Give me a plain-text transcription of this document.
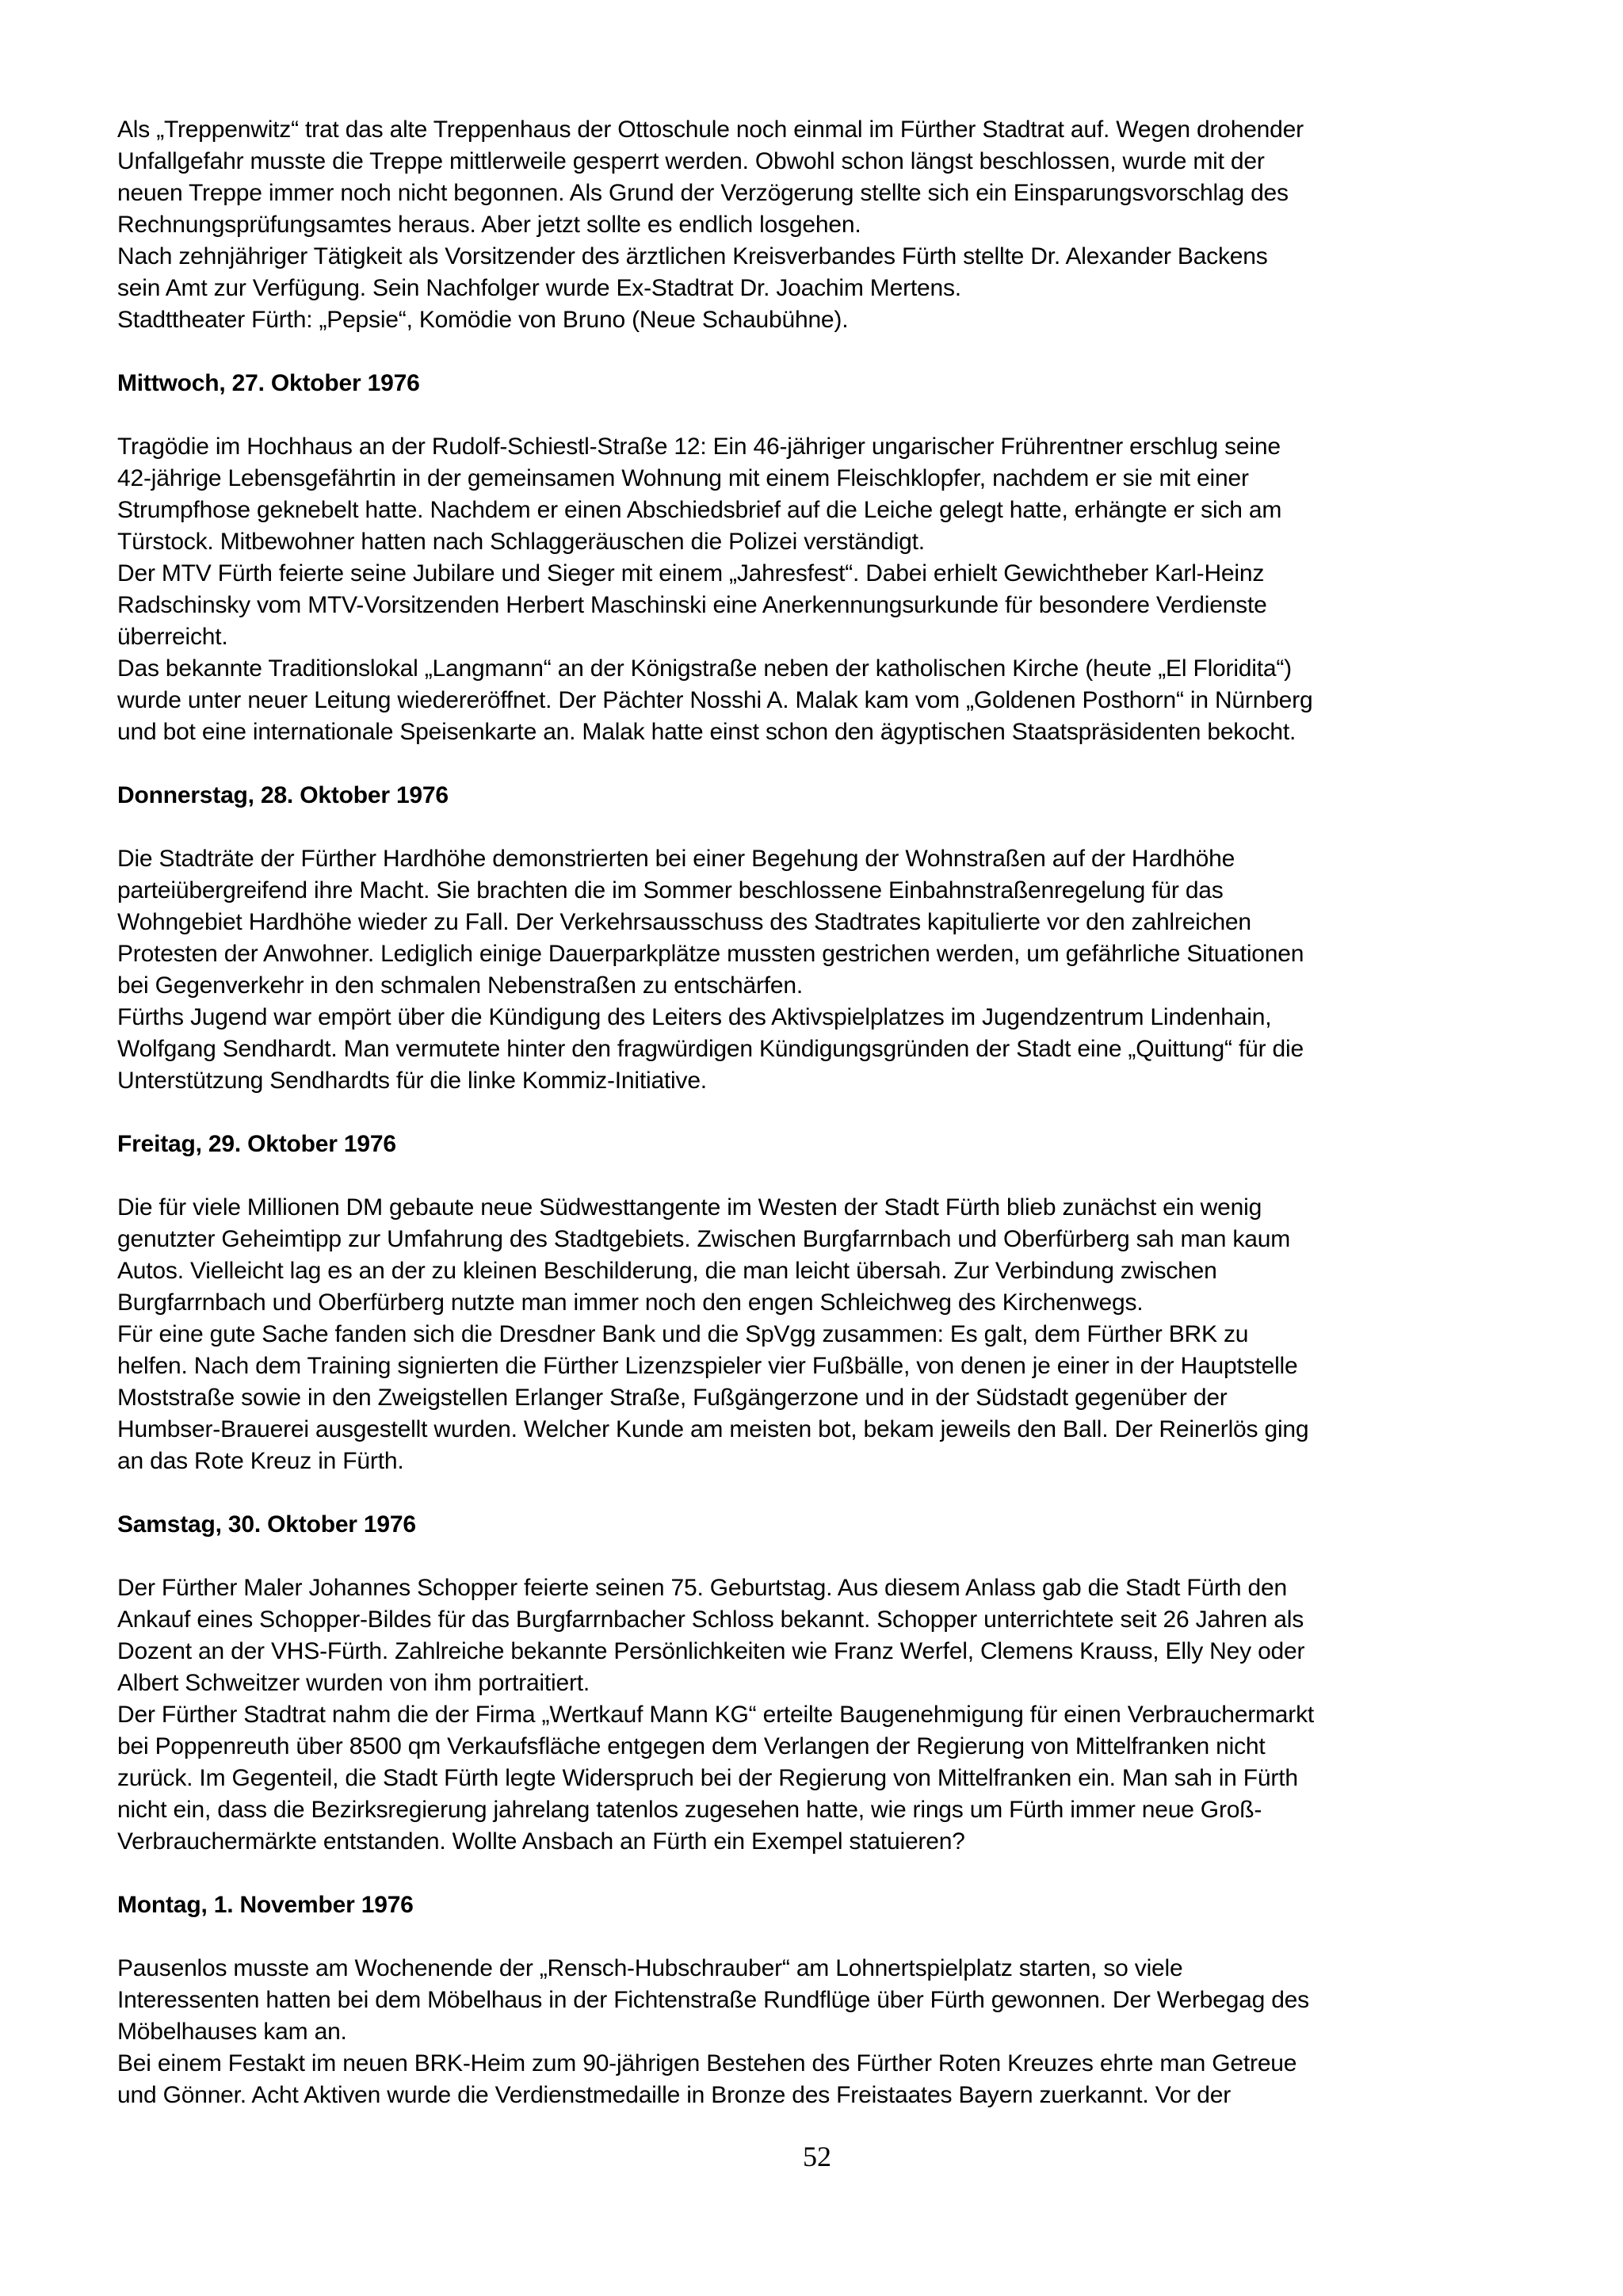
Als „Treppenwitz“ trat das alte Treppenhaus der Ottoschule noch einmal im Fürther Stadtrat auf. Wegen drohender
Unfallgefahr musste die Treppe mittlerweile gesperrt werden. Obwohl schon längst beschlossen, wurde mit der
neuen Treppe immer noch nicht begonnen. Als Grund der Verzögerung stellte sich ein Einsparungsvorschlag des
Rechnungsprüfungsamtes heraus. Aber jetzt sollte es endlich losgehen.
Nach zehnjähriger Tätigkeit als Vorsitzender des ärztlichen Kreisverbandes Fürth stellte Dr. Alexander Backens
sein Amt zur Verfügung. Sein Nachfolger wurde Ex-Stadtrat Dr. Joachim Mertens.
Stadttheater Fürth: „Pepsie“, Komödie von Bruno (Neue Schaubühne).
Mittwoch, 27. Oktober 1976
Tragödie im Hochhaus an der Rudolf-Schiestl-Straße 12: Ein 46-jähriger ungarischer Frührentner erschlug seine
42-jährige Lebensgefährtin in der gemeinsamen Wohnung mit einem Fleischklopfer, nachdem er sie mit einer
Strumpfhose geknebelt hatte. Nachdem er einen Abschiedsbrief auf die Leiche gelegt hatte, erhängte er sich am
Türstock. Mitbewohner hatten nach Schlaggeräuschen die Polizei verständigt.
Der MTV Fürth feierte seine Jubilare und Sieger mit einem „Jahresfest“. Dabei erhielt Gewichtheber Karl-Heinz
Radschinsky vom MTV-Vorsitzenden Herbert Maschinski eine Anerkennungsurkunde für besondere Verdienste
überreicht.
Das bekannte Traditionslokal „Langmann“ an der Königstraße neben der katholischen Kirche (heute „El Floridita“)
wurde unter neuer Leitung wiedereröffnet. Der Pächter Nosshi A. Malak kam vom „Goldenen Posthorn“ in Nürnberg
und bot eine internationale Speisenkarte an. Malak hatte einst schon den ägyptischen Staatspräsidenten bekocht.
Donnerstag, 28. Oktober 1976
Die Stadträte der Fürther Hardhöhe demonstrierten bei einer Begehung der Wohnstraßen auf der Hardhöhe
parteiübergreifend ihre Macht. Sie brachten die im Sommer beschlossene Einbahnstraßenregelung für das
Wohngebiet Hardhöhe wieder zu Fall. Der Verkehrsausschuss des Stadtrates kapitulierte vor den zahlreichen
Protesten der Anwohner. Lediglich einige Dauerparkplätze mussten gestrichen werden, um gefährliche Situationen
bei Gegenverkehr in den schmalen Nebenstraßen zu entschärfen.
Fürths Jugend war empört über die Kündigung des Leiters des Aktivspielplatzes im Jugendzentrum Lindenhain,
Wolfgang Sendhardt. Man vermutete hinter den fragwürdigen Kündigungsgründen der Stadt eine „Quittung“ für die
Unterstützung Sendhardts für die linke Kommiz-Initiative.
Freitag, 29. Oktober 1976
Die für viele Millionen DM gebaute neue Südwesttangente im Westen der Stadt Fürth blieb zunächst ein wenig
genutzter Geheimtipp zur Umfahrung des Stadtgebiets. Zwischen Burgfarrnbach und Oberfürberg sah man kaum
Autos. Vielleicht lag es an der zu kleinen Beschilderung, die man leicht übersah. Zur Verbindung zwischen
Burgfarrnbach und Oberfürberg nutzte man immer noch den engen Schleichweg des Kirchenwegs.
Für eine gute Sache fanden sich die Dresdner Bank und die SpVgg zusammen: Es galt, dem Fürther BRK zu
helfen. Nach dem Training signierten die Fürther Lizenzspieler vier Fußbälle, von denen je einer in der Hauptstelle
Moststraße sowie in den Zweigstellen Erlanger Straße, Fußgängerzone und in der Südstadt gegenüber der
Humbser-Brauerei ausgestellt wurden. Welcher Kunde am meisten bot, bekam jeweils den Ball. Der Reinerlös ging
an das Rote Kreuz in Fürth.
Samstag, 30. Oktober 1976
Der Fürther Maler Johannes Schopper feierte seinen 75. Geburtstag. Aus diesem Anlass gab die Stadt Fürth den
Ankauf eines Schopper-Bildes für das Burgfarrnbacher Schloss bekannt. Schopper unterrichtete seit 26 Jahren als
Dozent an der VHS-Fürth. Zahlreiche bekannte Persönlichkeiten wie Franz Werfel, Clemens Krauss, Elly Ney oder
Albert Schweitzer wurden von ihm portraitiert.
Der Fürther Stadtrat nahm die der Firma „Wertkauf Mann KG“ erteilte Baugenehmigung für einen Verbrauchermarkt
bei Poppenreuth über 8500 qm Verkaufsfläche entgegen dem Verlangen der Regierung von Mittelfranken nicht
zurück. Im Gegenteil, die Stadt Fürth legte Widerspruch bei der Regierung von Mittelfranken ein. Man sah in Fürth
nicht ein, dass die Bezirksregierung jahrelang tatenlos zugesehen hatte, wie rings um Fürth immer neue Groß-
Verbrauchermärkte entstanden. Wollte Ansbach an Fürth ein Exempel statuieren?
Montag, 1. November 1976
Pausenlos musste am Wochenende der „Rensch-Hubschrauber“ am Lohnertspielplatz starten, so viele
Interessenten hatten bei dem Möbelhaus in der Fichtenstraße Rundflüge über Fürth gewonnen. Der Werbegag des
Möbelhauses kam an.
Bei einem Festakt im neuen BRK-Heim zum 90-jährigen Bestehen des Fürther Roten Kreuzes ehrte man Getreue
und Gönner. Acht Aktiven wurde die Verdienstmedaille in Bronze des Freistaates Bayern zuerkannt. Vor der
52
